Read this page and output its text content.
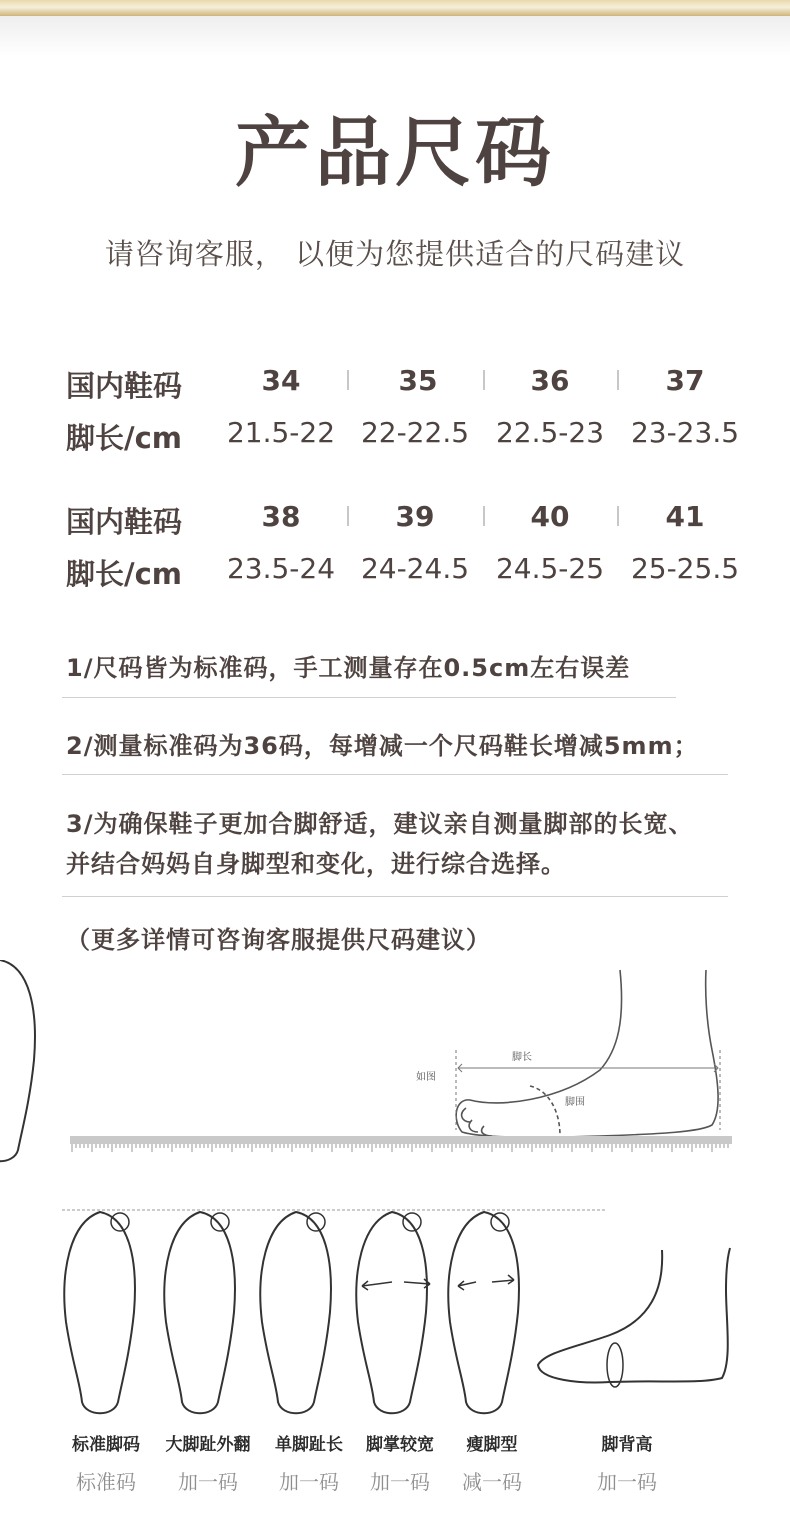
产品尺码
请咨询客服， 以便为您提供适合的尺码建议
国内鞋码	34	35	36	37
脚长/cm	21.5-22 22-22.5 22.5-23 23-23.5
国内鞋码	38	39	40	41
脚长/cm	23.5-24 24-24.5 24.5-25 25-25.5
1/尺码皆为标准码，手工测量存在0.5cm左右误差
2/测量标准码为36码，每增减一个尺码鞋长增减5mm；
3/为确保鞋子更加合脚舒适，建议亲自测量脚部的长宽、
并结合妈妈自身脚型和变化，进行综合选择。
（更多详情可咨询客服提供尺码建议）
脚长
脚围
如图
标准脚码
标准码
大脚趾外翻
加一码
单脚趾长
加一码
脚掌较宽
加一码
瘦脚型
减一码
脚背高
加一码
